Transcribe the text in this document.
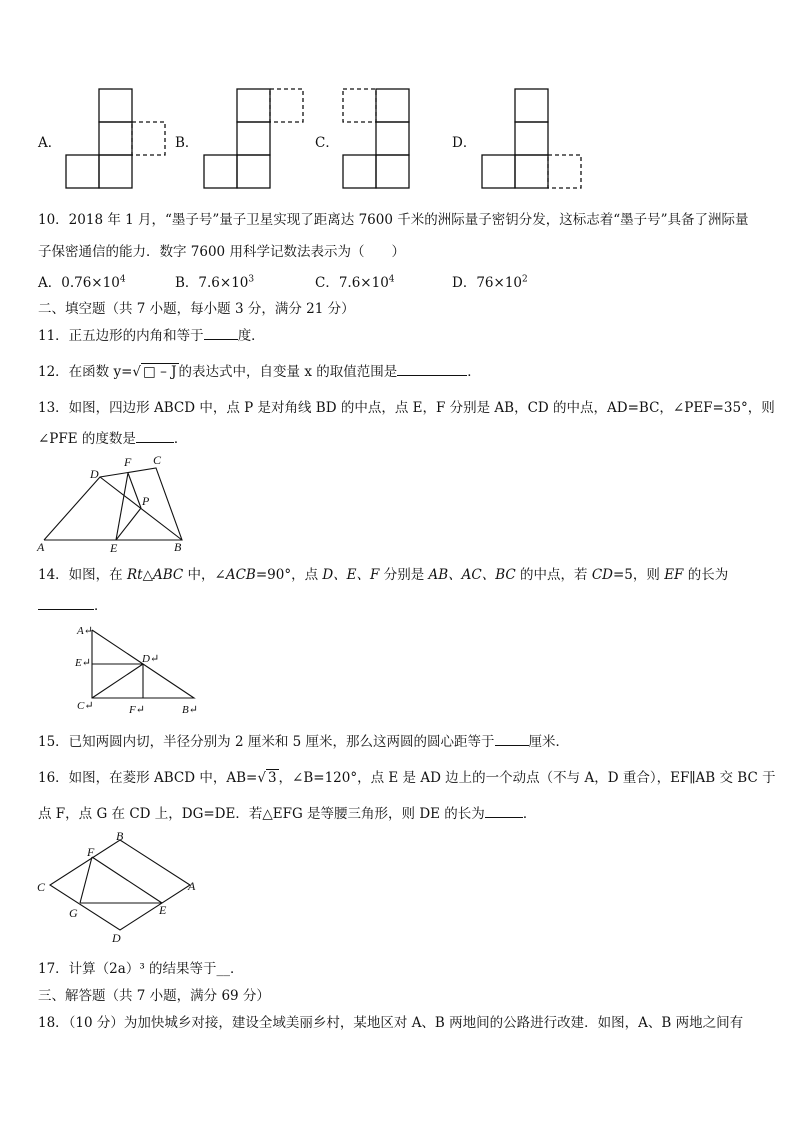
A．	B．	C．	D．
10．2018 年 1 月，“墨子号”量子卫星实现了距离达 7600 千米的洲际量子密钥分发，这标志着“墨子号”具备了洲际量
子保密通信的能力．数字 7600 用科学记数法表示为（　　）
A．$0.76\times 10^4$	B．$7.6\times 10^3$	C．$7.6\times 10^4$	D．$76\times 10^2$
二、填空题（共 7 小题，每小题 3 分，满分 21 分）
11．正五边形的内角和等于	度．
12．在函数 y=√ □ – J 的表达式中，自变量 x 的取值范围是	．
13．如图，四边形 ABCD 中，点 P 是对角线 BD 的中点，点 E，F 分别是 AB，CD 的中点，AD=BC，∠PEF=35°，则
∠PFE 的度数是	．
D
F C
P
A	E	B
14．如图，在 Rt△ABC 中，∠ACB=90°，点 D、E、F 分别是 AB、AC、BC 的中点，若 CD=5，则 EF 的长为
．
A↵
E↵	D↵
C↵	F↵	B↵
15．已知两圆内切，半径分别为 2 厘米和 5 厘米，那么这两圆的圆心距等于	厘米．
16．如图，在菱形 ABCD 中，AB=√ 3 ，∠B=120°，点 E 是 AD 边上的一个动点（不与 A，D 重合），EF∥AB 交 BC 于
点 F，点 G 在 CD 上，DG=DE．若△EFG 是等腰三角形，则 DE 的长为	．
B
F
C	A
G	E
D
17．计算（2a）³ 的结果等于__．
三、解答题（共 7 小题，满分 69 分）
18．（10 分）为加快城乡对接，建设全域美丽乡村，某地区对 A、B 两地间的公路进行改建．如图，A、B 两地之间有
